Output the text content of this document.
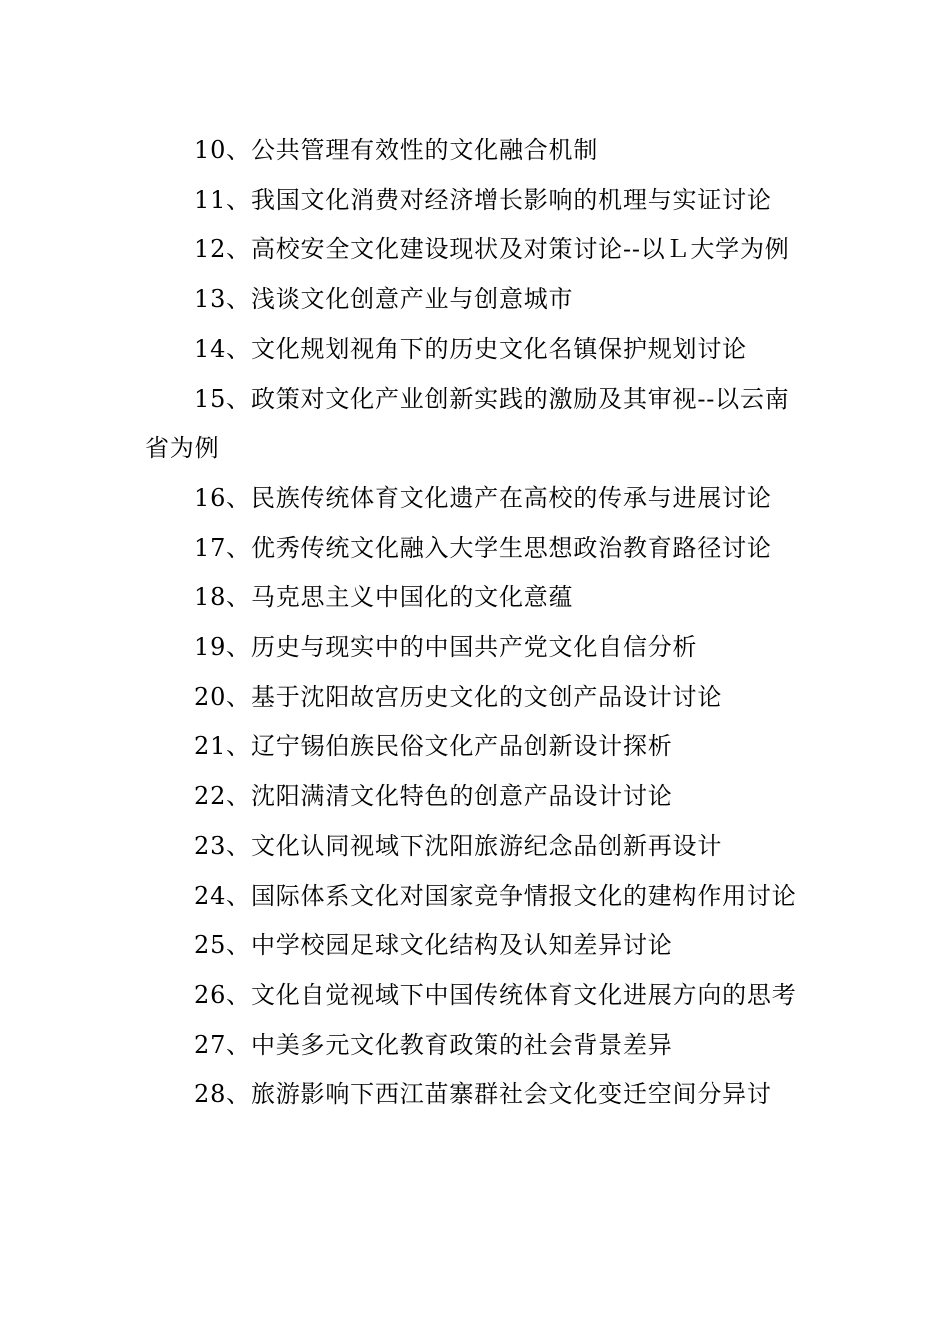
10、公共管理有效性的文化融合机制

11、我国文化消费对经济增长影响的机理与实证讨论

12、高校安全文化建设现状及对策讨论--以Ｌ大学为例

13、浅谈文化创意产业与创意城市

14、文化规划视角下的历史文化名镇保护规划讨论

15、政策对文化产业创新实践的激励及其审视--以云南省为例

16、民族传统体育文化遗产在高校的传承与进展讨论

17、优秀传统文化融入大学生思想政治教育路径讨论

18、马克思主义中国化的文化意蕴

19、历史与现实中的中国共产党文化自信分析

20、基于沈阳故宫历史文化的文创产品设计讨论

21、辽宁锡伯族民俗文化产品创新设计探析

22、沈阳满清文化特色的创意产品设计讨论

23、文化认同视域下沈阳旅游纪念品创新再设计

24、国际体系文化对国家竞争情报文化的建构作用讨论

25、中学校园足球文化结构及认知差异讨论

26、文化自觉视域下中国传统体育文化进展方向的思考

27、中美多元文化教育政策的社会背景差异

28、旅游影响下西江苗寨群社会文化变迁空间分异讨
